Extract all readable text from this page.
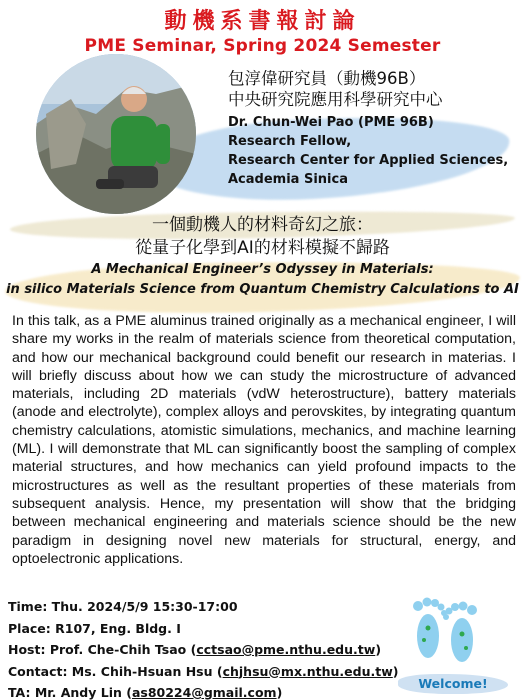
動機系書報討論
PME Seminar, Spring 2024 Semester
包淳偉研究員（動機96B）
中央研究院應用科學研究中心
Dr. Chun-Wei Pao (PME 96B)
Research Fellow,
Research Center for Applied Sciences,
Academia Sinica
一個動機人的材料奇幻之旅：
從量子化學到AI的材料模擬不歸路
A Mechanical Engineer’s Odyssey in Materials:
in silico Materials Science from Quantum Chemistry Calculations to AI
In this talk, as a PME aluminus trained originally as a mechanical engineer, I will share my works in the realm of materials science from theoretical computation, and how our mechanical background could benefit our research in materias. I will briefly discuss about how we can study the microstructure of advanced materials, including 2D materials (vdW heterostructure), battery materials (anode and electrolyte), complex alloys and perovskites, by integrating quantum chemistry calculations, atomistic simulations, mechanics, and machine learning (ML). I will demonstrate that ML can significantly boost the sampling of complex material structures, and how mechanics can yield profound impacts to the microstructures as well as the resultant properties of these materials from subsequent analysis. Hence, my presentation will show that the bridging between mechanical engineering and materials science should be the new paradigm in designing novel new materials for structural, energy, and optoelectronic applications.
Time: Thu. 2024/5/9 15:30-17:00
Place: R107, Eng. Bldg. I
Host: Prof. Che-Chih Tsao (cctsao@pme.nthu.edu.tw)
Contact: Ms. Chih-Hsuan Hsu (chjhsu@mx.nthu.edu.tw)
TA: Mr. Andy Lin (as80224@gmail.com)
Welcome!
